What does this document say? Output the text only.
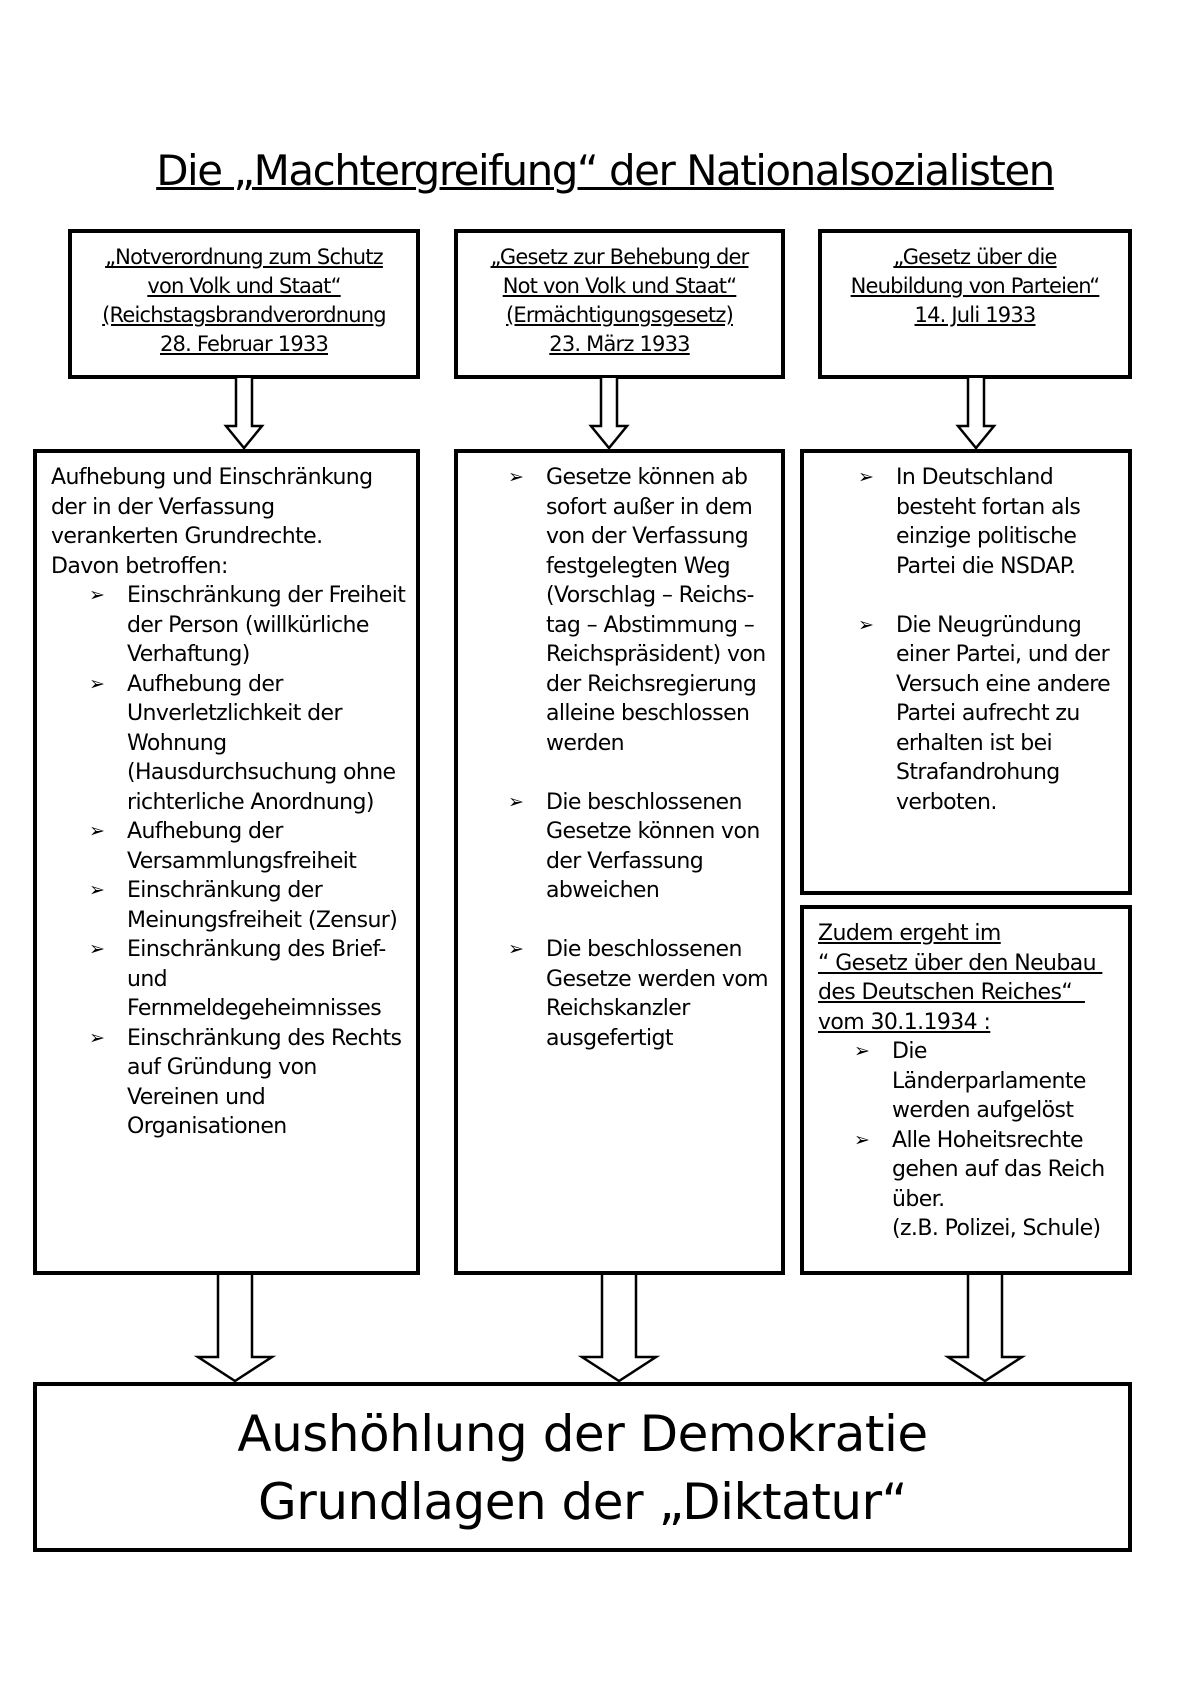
Die „Machtergreifung“ der Nationalsozialisten
„Notverordnung zum Schutz
von Volk und Staat“
(Reichstagsbrandverordnung
28. Februar 1933
„Gesetz zur Behebung der
Not von Volk und Staat“
(Ermächtigungsgesetz)
23. März 1933
„Gesetz über die
Neubildung von Parteien“
14. Juli 1933

Aufhebung und Einschränkung der in der Verfassung verankerten Grundrechte.

Davon betroffen:

➢ Einschränkung der Freiheit der Person (willkürliche Verhaftung)
➢ Aufhebung der Unverletzlichkeit der Wohnung (Hausdurchsuchung ohne richterliche Anordnung)
➢ Aufhebung der Versammlungsfreiheit
➢ Einschränkung der Meinungsfreiheit (Zensur)
➢ Einschränkung des Brief- und Fernmeldegeheimnisses
➢ Einschränkung des Rechts auf Gründung von Vereinen und Organisationen
➢ Gesetze können ab sofort außer in dem von der Verfassung festgelegten Weg (Vorschlag – Reichs-tag – Abstimmung – Reichspräsident) von der Reichsregierung alleine beschlossen werden
➢ Die beschlossenen Gesetze können von der Verfassung abweichen
➢ Die beschlossenen Gesetze werden vom Reichskanzler ausgefertigt
➢ In Deutschland besteht fortan als einzige politische Partei die NSDAP.
➢ Die Neugründung einer Partei, und der Versuch eine andere Partei aufrecht zu erhalten ist bei Strafandrohung verboten.

Zudem ergeht im

“ Gesetz über den Neubau

des Deutschen Reiches“

vom 30.1.1934 :

➢ Die Länderparlamente werden aufgelöst
➢ Alle Hoheitsrechte gehen auf das Reich über.

(z.B. Polizei, Schule)

Aushöhlung der Demokratie
Grundlagen der „Diktatur“
